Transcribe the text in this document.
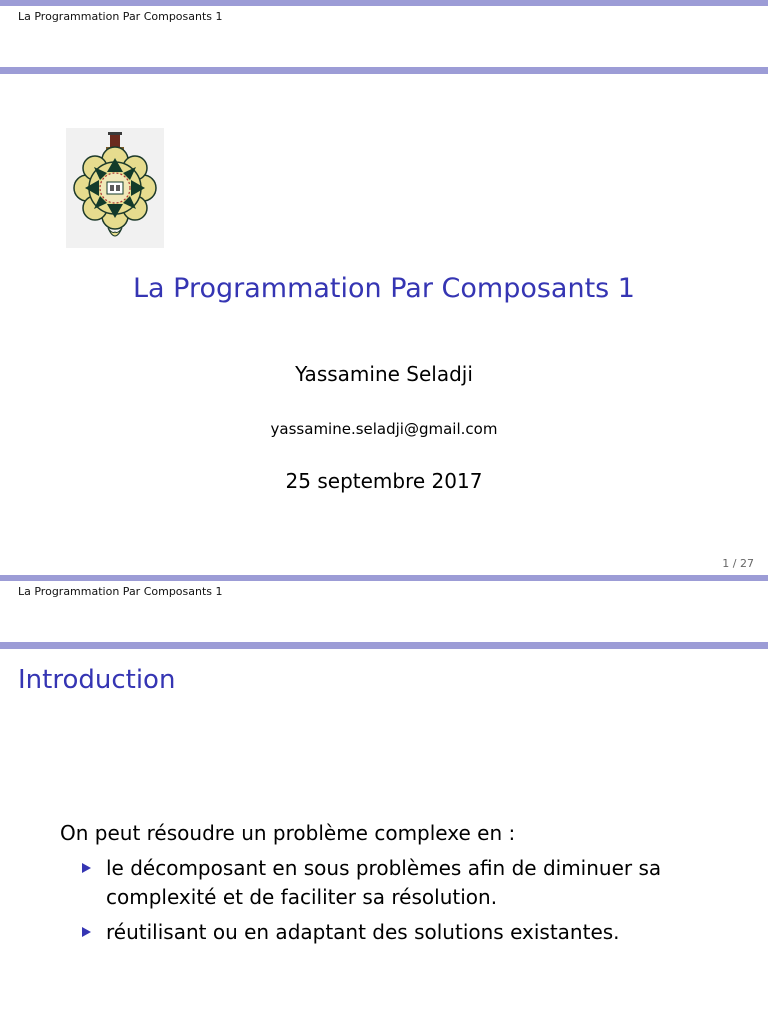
La Programmation Par Composants 1
La Programmation Par Composants 1
Yassamine Seladji
yassamine.seladji@gmail.com
25 septembre 2017
1 / 27
La Programmation Par Composants 1
Introduction
On peut résoudre un problème complexe en :
le décomposant en sous problèmes afin de diminuer sa complexité et de faciliter sa résolution.
réutilisant ou en adaptant des solutions existantes.
